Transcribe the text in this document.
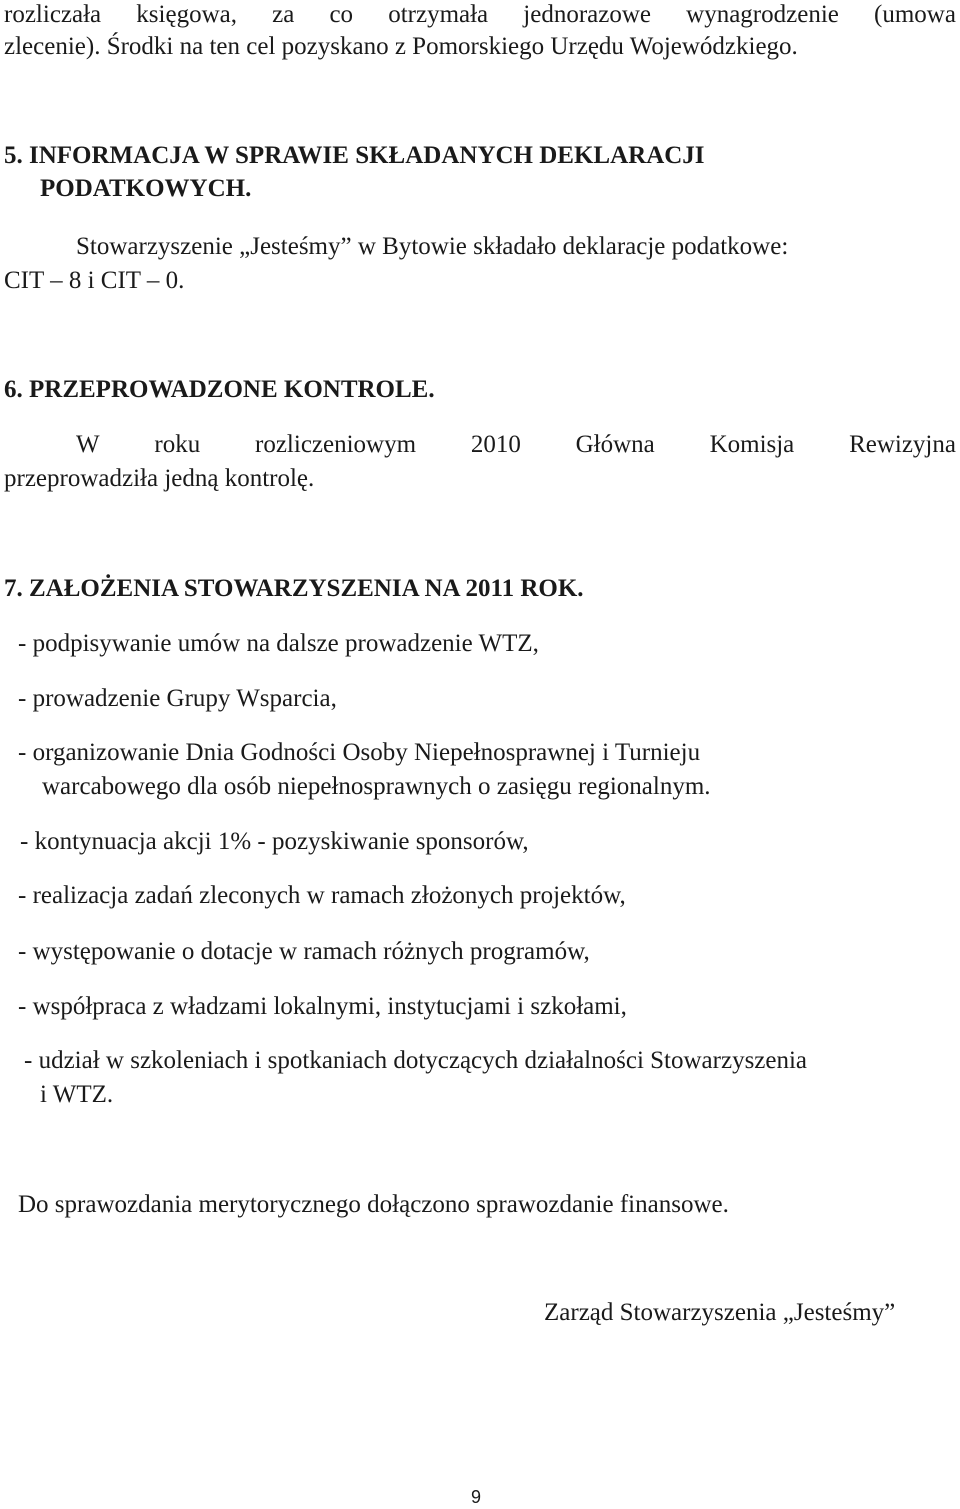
rozliczała księgowa, za co otrzymała jednorazowe wynagrodzenie (umowa
zlecenie). Środki na ten cel pozyskano z Pomorskiego Urzędu Wojewódzkiego.
5. INFORMACJA W SPRAWIE SKŁADANYCH DEKLARACJI
PODATKOWYCH.
Stowarzyszenie „Jesteśmy” w Bytowie składało deklaracje podatkowe:
CIT – 8 i CIT – 0.
6. PRZEPROWADZONE KONTROLE.
W roku rozliczeniowym 2010 Główna Komisja Rewizyjna
przeprowadziła jedną kontrolę.
7. ZAŁOŻENIA STOWARZYSZENIA NA 2011 ROK.
- podpisywanie umów na dalsze prowadzenie WTZ,
- prowadzenie Grupy Wsparcia,
- organizowanie Dnia Godności Osoby Niepełnosprawnej i Turnieju
warcabowego dla osób niepełnosprawnych o zasięgu regionalnym.
- kontynuacja akcji 1% - pozyskiwanie sponsorów,
- realizacja zadań zleconych w ramach złożonych projektów,
- występowanie o dotacje w ramach różnych programów,
- współpraca z władzami lokalnymi, instytucjami i szkołami,
- udział w szkoleniach i spotkaniach dotyczących działalności Stowarzyszenia
i WTZ.
Do sprawozdania merytorycznego dołączono sprawozdanie finansowe.
Zarząd Stowarzyszenia „Jesteśmy”
9
